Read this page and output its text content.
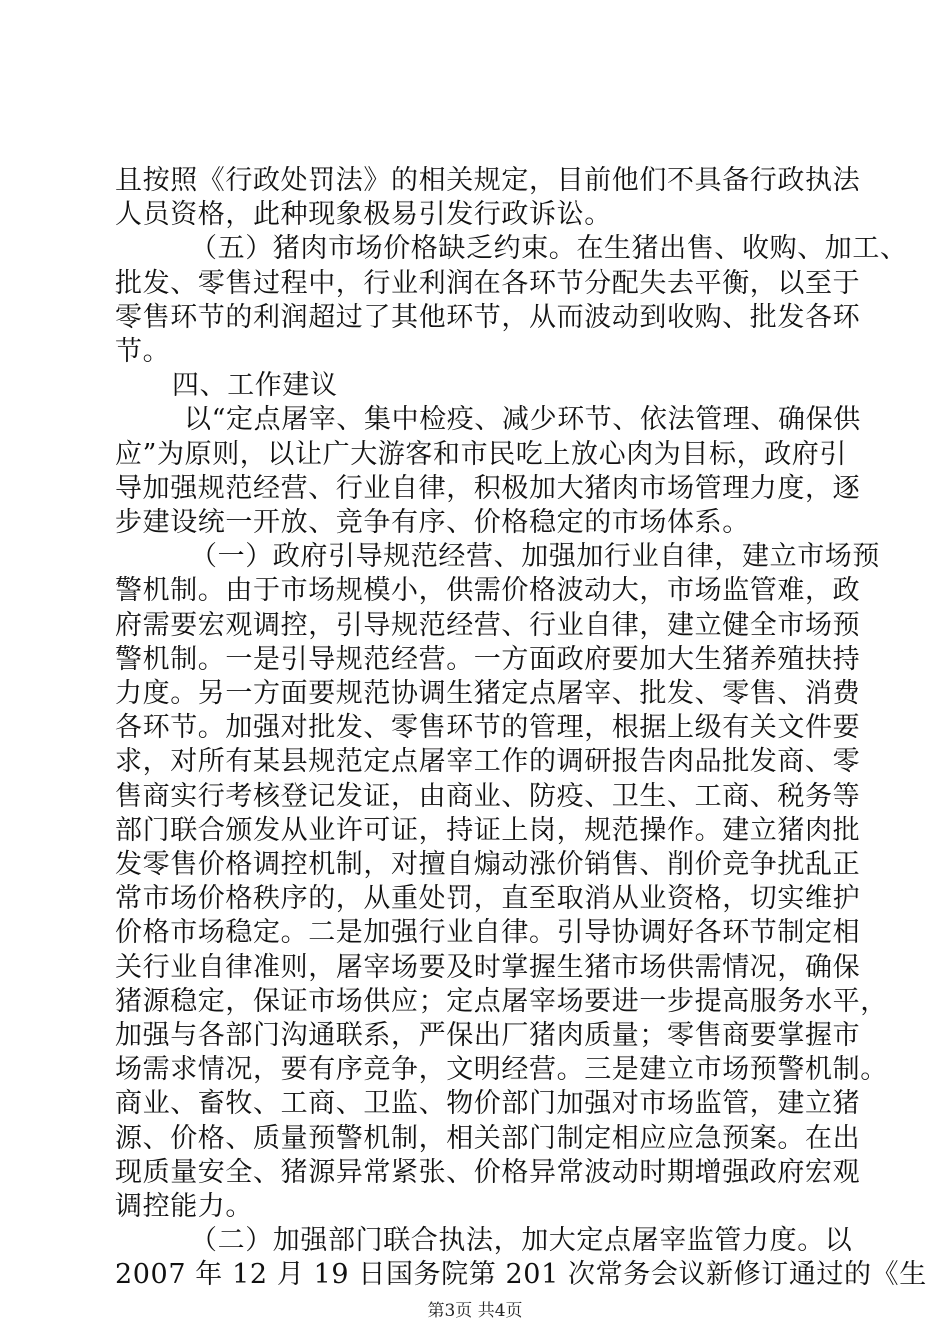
且按照《行政处罚法》的相关规定，目前他们不具备行政执法
人员资格，此种现象极易引发行政诉讼。
（五）猪肉市场价格缺乏约束。在生猪出售、收购、加工、
批发、零售过程中，行业利润在各环节分配失去平衡，以至于
零售环节的利润超过了其他环节，从而波动到收购、批发各环
节。
四、工作建议
以“定点屠宰、集中检疫、减少环节、依法管理、确保供
应”为原则，以让广大游客和市民吃上放心肉为目标，政府引
导加强规范经营、行业自律，积极加大猪肉市场管理力度，逐
步建设统一开放、竞争有序、价格稳定的市场体系。
（一）政府引导规范经营、加强加行业自律，建立市场预
警机制。由于市场规模小，供需价格波动大，市场监管难，政
府需要宏观调控，引导规范经营、行业自律，建立健全市场预
警机制。一是引导规范经营。一方面政府要加大生猪养殖扶持
力度。另一方面要规范协调生猪定点屠宰、批发、零售、消费
各环节。加强对批发、零售环节的管理，根据上级有关文件要
求，对所有某县规范定点屠宰工作的调研报告肉品批发商、零
售商实行考核登记发证，由商业、防疫、卫生、工商、税务等
部门联合颁发从业许可证，持证上岗，规范操作。建立猪肉批
发零售价格调控机制，对擅自煽动涨价销售、削价竞争扰乱正
常市场价格秩序的，从重处罚，直至取消从业资格，切实维护
价格市场稳定。二是加强行业自律。引导协调好各环节制定相
关行业自律准则，屠宰场要及时掌握生猪市场供需情况，确保
猪源稳定，保证市场供应；定点屠宰场要进一步提高服务水平，
加强与各部门沟通联系，严保出厂猪肉质量；零售商要掌握市
场需求情况，要有序竞争，文明经营。三是建立市场预警机制。
商业、畜牧、工商、卫监、物价部门加强对市场监管，建立猪
源、价格、质量预警机制，相关部门制定相应应急预案。在出
现质量安全、猪源异常紧张、价格异常波动时期增强政府宏观
调控能力。
（二）加强部门联合执法，加大定点屠宰监管力度。以
2007 年 12 月 19 日国务院第 201 次常务会议新修订通过的《生
第3页 共4页
